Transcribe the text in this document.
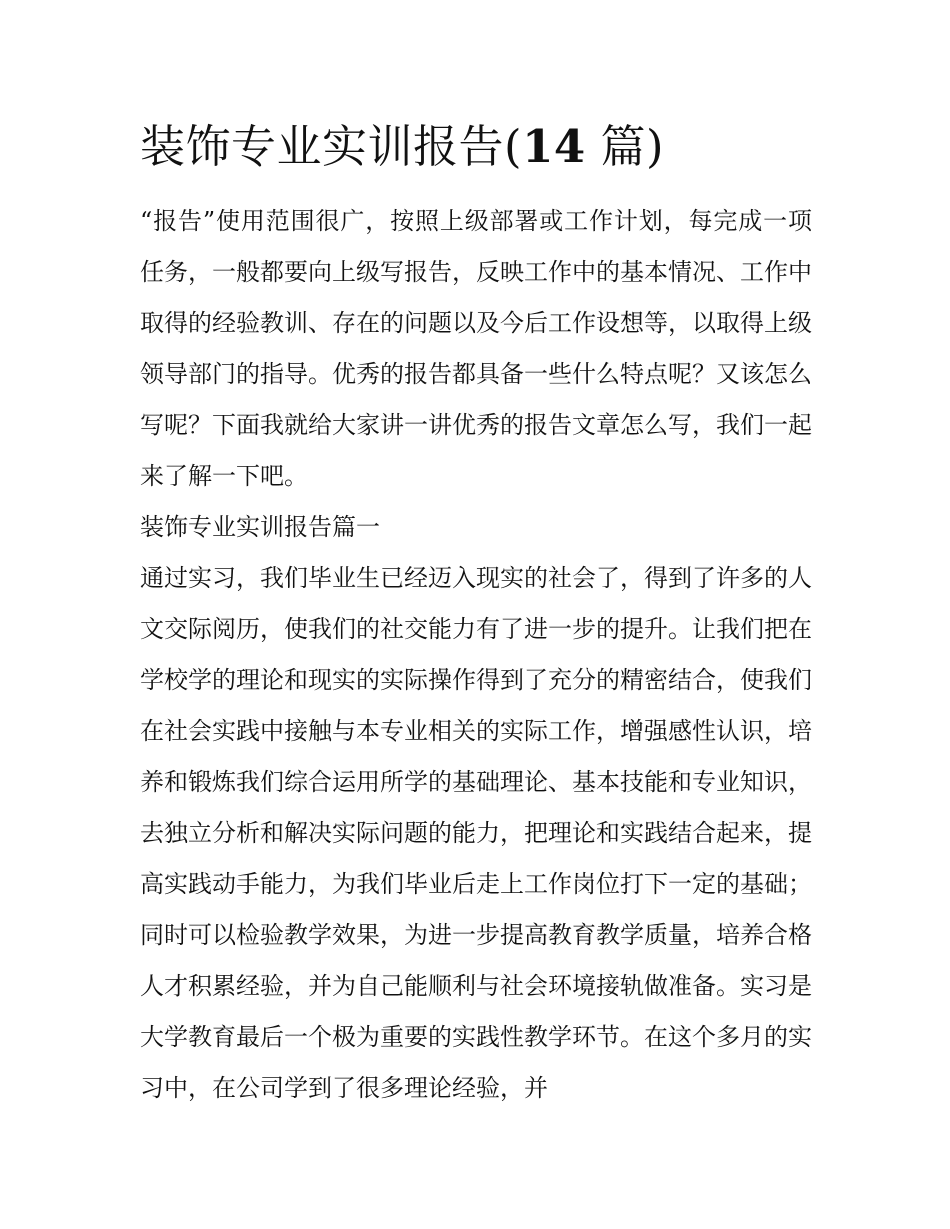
装饰专业实训报告(14 篇)

“报告”使用范围很广，按照上级部署或工作计划，每完成一项任务，一般都要向上级写报告，反映工作中的基本情况、工作中取得的经验教训、存在的问题以及今后工作设想等，以取得上级领导部门的指导。优秀的报告都具备一些什么特点呢？又该怎么写呢？下面我就给大家讲一讲优秀的报告文章怎么写，我们一起来了解一下吧。

装饰专业实训报告篇一

通过实习，我们毕业生已经迈入现实的社会了，得到了许多的人文交际阅历，使我们的社交能力有了进一步的提升。让我们把在学校学的理论和现实的实际操作得到了充分的精密结合，使我们在社会实践中接触与本专业相关的实际工作，增强感性认识，培养和锻炼我们综合运用所学的基础理论、基本技能和专业知识，去独立分析和解决实际问题的能力，把理论和实践结合起来，提高实践动手能力，为我们毕业后走上工作岗位打下一定的基础；同时可以检验教学效果，为进一步提高教育教学质量，培养合格人才积累经验，并为自己能顺利与社会环境接轨做准备。实习是大学教育最后一个极为重要的实践性教学环节。在这个多月的实习中，在公司学到了很多理论经验，并
